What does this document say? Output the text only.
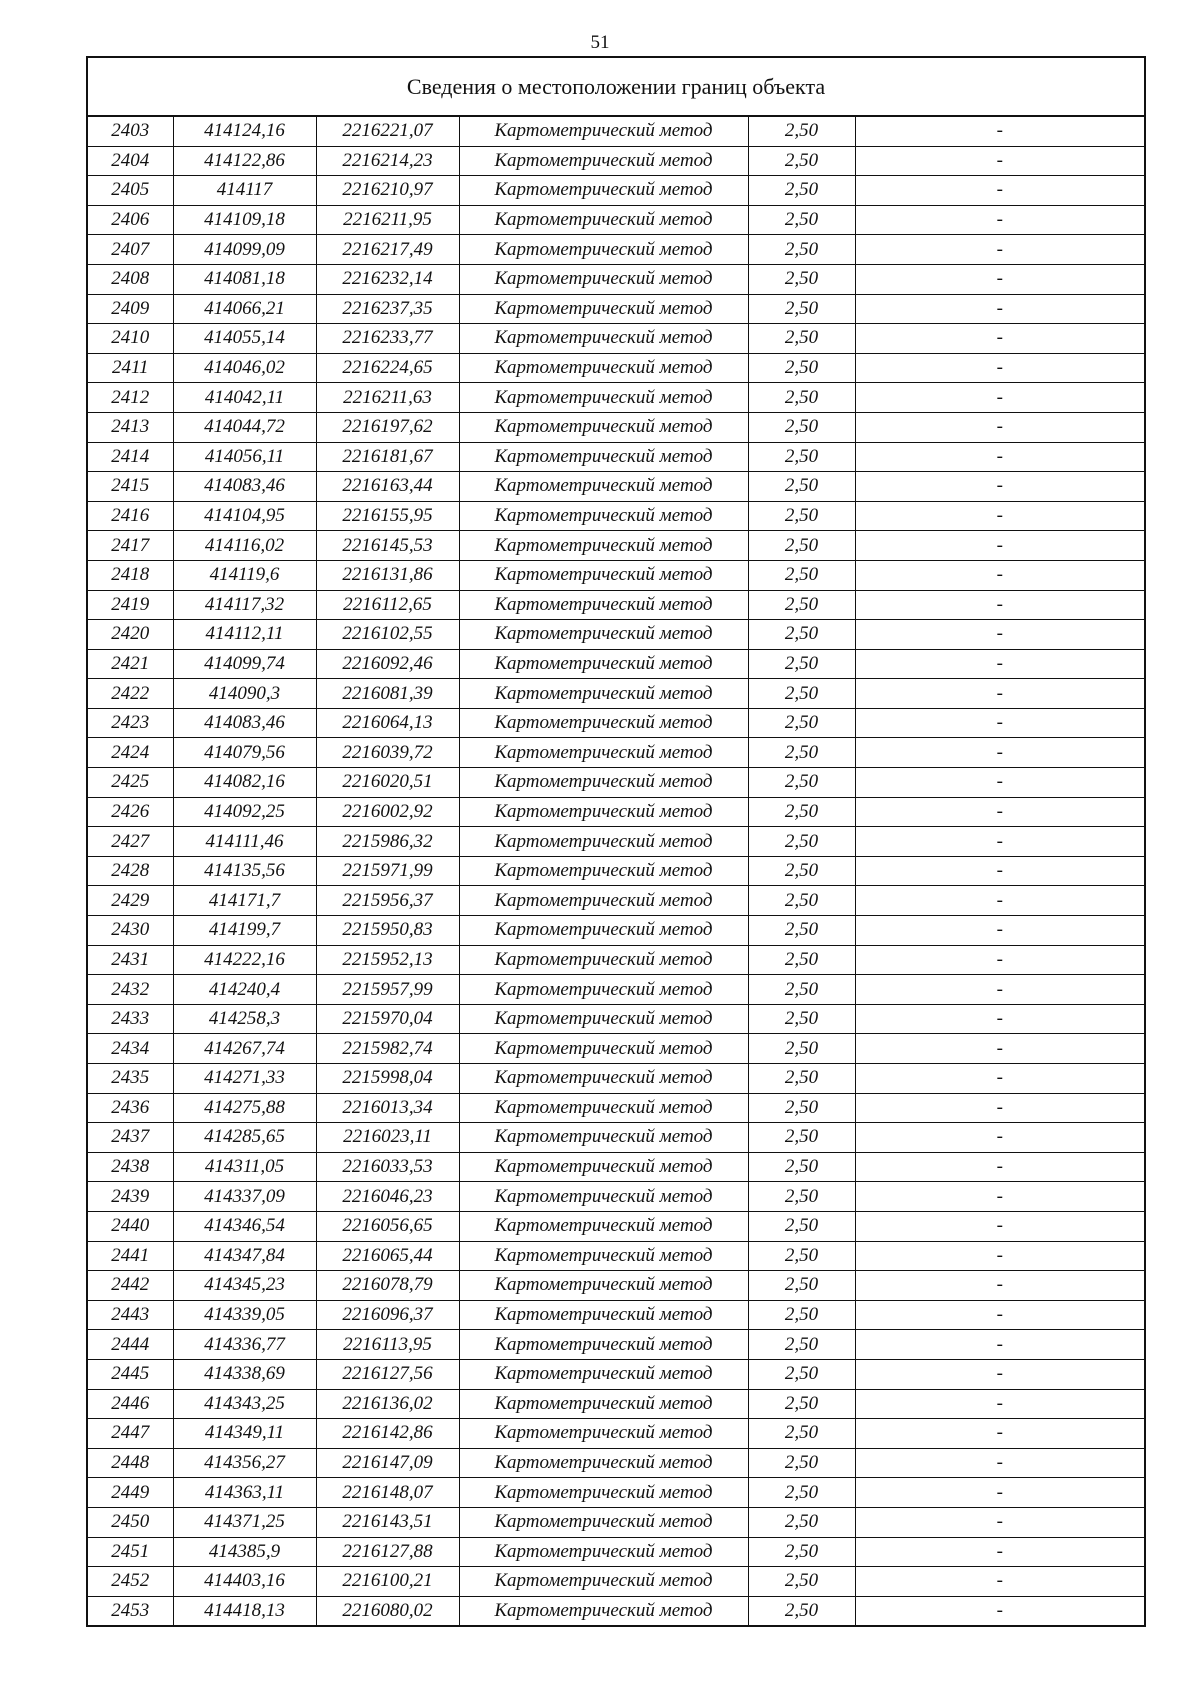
51
Сведения о местоположении границ объекта
2403	414124,16	2216221,07	Картометрический метод	2,50	-
2404	414122,86	2216214,23	Картометрический метод	2,50	-
2405	414117	2216210,97	Картометрический метод	2,50	-
2406	414109,18	2216211,95	Картометрический метод	2,50	-
2407	414099,09	2216217,49	Картометрический метод	2,50	-
2408	414081,18	2216232,14	Картометрический метод	2,50	-
2409	414066,21	2216237,35	Картометрический метод	2,50	-
2410	414055,14	2216233,77	Картометрический метод	2,50	-
2411	414046,02	2216224,65	Картометрический метод	2,50	-
2412	414042,11	2216211,63	Картометрический метод	2,50	-
2413	414044,72	2216197,62	Картометрический метод	2,50	-
2414	414056,11	2216181,67	Картометрический метод	2,50	-
2415	414083,46	2216163,44	Картометрический метод	2,50	-
2416	414104,95	2216155,95	Картометрический метод	2,50	-
2417	414116,02	2216145,53	Картометрический метод	2,50	-
2418	414119,6	2216131,86	Картометрический метод	2,50	-
2419	414117,32	2216112,65	Картометрический метод	2,50	-
2420	414112,11	2216102,55	Картометрический метод	2,50	-
2421	414099,74	2216092,46	Картометрический метод	2,50	-
2422	414090,3	2216081,39	Картометрический метод	2,50	-
2423	414083,46	2216064,13	Картометрический метод	2,50	-
2424	414079,56	2216039,72	Картометрический метод	2,50	-
2425	414082,16	2216020,51	Картометрический метод	2,50	-
2426	414092,25	2216002,92	Картометрический метод	2,50	-
2427	414111,46	2215986,32	Картометрический метод	2,50	-
2428	414135,56	2215971,99	Картометрический метод	2,50	-
2429	414171,7	2215956,37	Картометрический метод	2,50	-
2430	414199,7	2215950,83	Картометрический метод	2,50	-
2431	414222,16	2215952,13	Картометрический метод	2,50	-
2432	414240,4	2215957,99	Картометрический метод	2,50	-
2433	414258,3	2215970,04	Картометрический метод	2,50	-
2434	414267,74	2215982,74	Картометрический метод	2,50	-
2435	414271,33	2215998,04	Картометрический метод	2,50	-
2436	414275,88	2216013,34	Картометрический метод	2,50	-
2437	414285,65	2216023,11	Картометрический метод	2,50	-
2438	414311,05	2216033,53	Картометрический метод	2,50	-
2439	414337,09	2216046,23	Картометрический метод	2,50	-
2440	414346,54	2216056,65	Картометрический метод	2,50	-
2441	414347,84	2216065,44	Картометрический метод	2,50	-
2442	414345,23	2216078,79	Картометрический метод	2,50	-
2443	414339,05	2216096,37	Картометрический метод	2,50	-
2444	414336,77	2216113,95	Картометрический метод	2,50	-
2445	414338,69	2216127,56	Картометрический метод	2,50	-
2446	414343,25	2216136,02	Картометрический метод	2,50	-
2447	414349,11	2216142,86	Картометрический метод	2,50	-
2448	414356,27	2216147,09	Картометрический метод	2,50	-
2449	414363,11	2216148,07	Картометрический метод	2,50	-
2450	414371,25	2216143,51	Картометрический метод	2,50	-
2451	414385,9	2216127,88	Картометрический метод	2,50	-
2452	414403,16	2216100,21	Картометрический метод	2,50	-
2453	414418,13	2216080,02	Картометрический метод	2,50	-
